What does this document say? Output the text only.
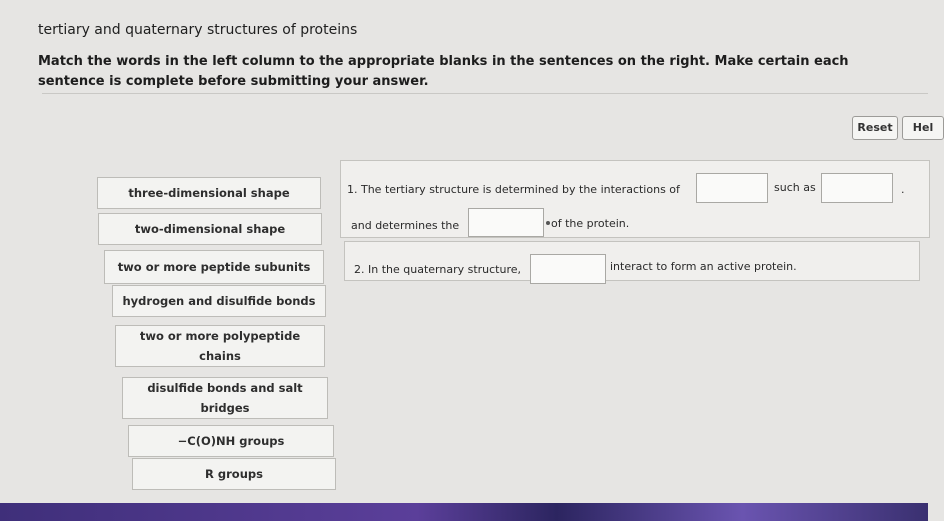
tertiary and quaternary structures of proteins
Match the words in the left column to the appropriate blanks in the sentences on the right. Make certain each sentence is complete before submitting your answer.
Reset	Hel
three-dimensional shape
two-dimensional shape
two or more peptide subunits
hydrogen and disulfide bonds
two or more polypeptide chains
disulfide bonds and salt bridges
−C(O)NH groups
R groups
1. The tertiary structure is determined by the interactions of	such as	.
and determines the	of the protein.
2. In the quaternary structure,	interact to form an active protein.
